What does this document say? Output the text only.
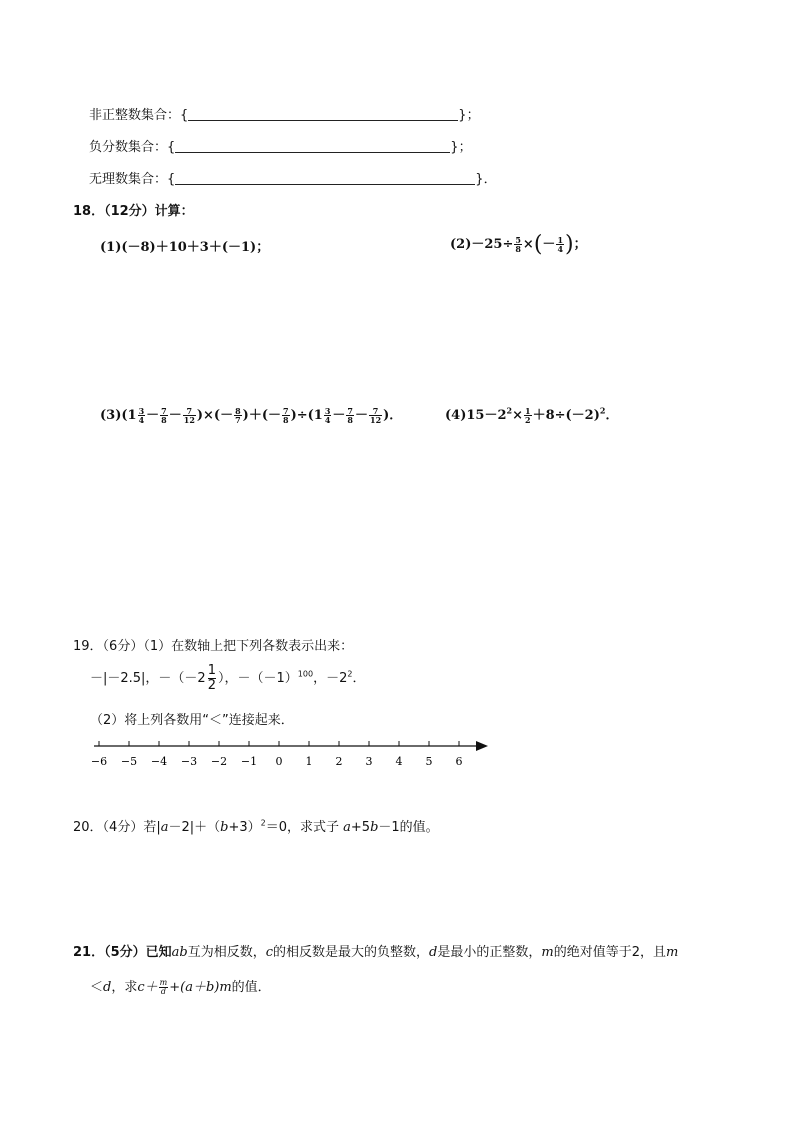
非正整数集合：{	}；
负分数集合：{	}；
无理数集合：{	}．
18．（12分）计算：
(1)(－8)＋10＋3＋(－1)；	$(2)-25\div \frac{5}{8}$ ×(－ $\frac{1}{4}$ )；
$(3)(1 \frac{3}{4} - \frac{7}{8} - \frac{7}{12}$ )×(－ $\frac{8}{7}$ )＋(－ $\frac{7}{8} )\div(1 \frac{3}{4} - \frac{7}{8} - \frac{7}{12}$ )．	$(4)15-2^2\times \frac{1}{2} +8\div(-2)^2$．
19．（6分）（1）在数轴上把下列各数表示出来：
－|－2.5|，$-(-2 \frac{1}{2}$ ），$-(-1)^{100}$，$-2^2$．
（2）将上列各数用“＜”连接起来．
−6 −5 −4 −3 −2 −1 0 1 2 3 4 5 6
20．（4分）若$|a-2|+(b+3)^2=0$，求式子 a+5b－1的值。
21．（5分）已知ab互为相反数，c的相反数是最大的负整数，d是最小的正整数，m的绝对值等于2，且m
＜d，求$c+ \frac{m}{d} +(a+b)m$的值．
